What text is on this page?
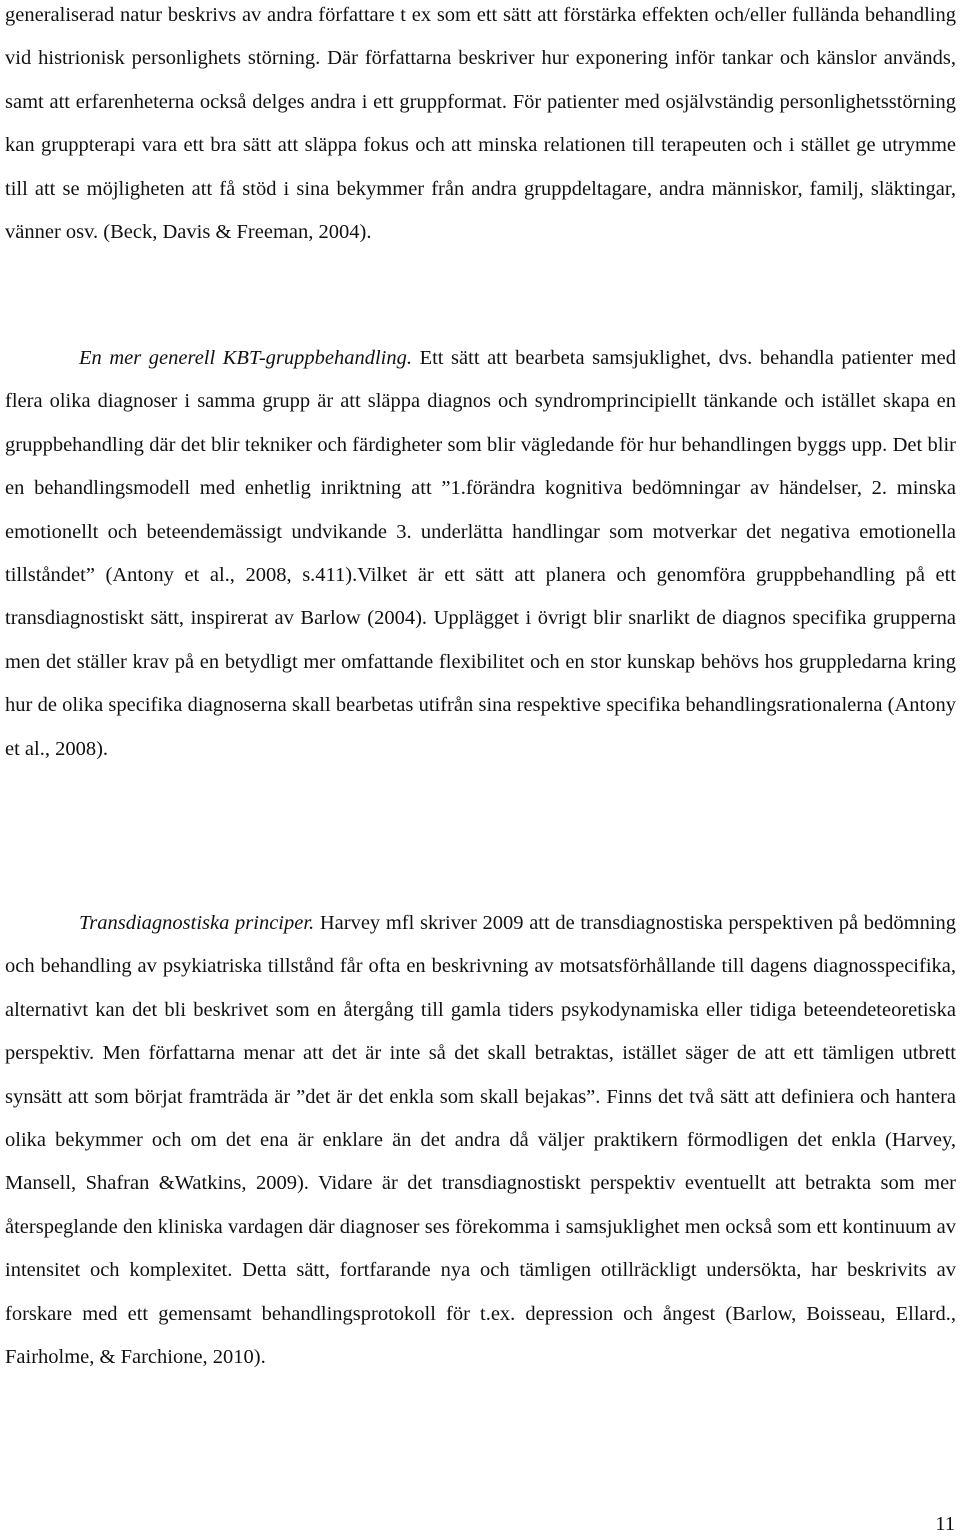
generaliserad natur beskrivs av andra författare t ex som ett sätt att förstärka effekten och/eller fulländа behandling vid histrionisk personlighets störning. Där författarna beskriver hur exponering inför tankar och känslor används, samt att erfarenheterna också delges andra i ett gruppformat. För patienter med osjälvständig personlighetsstörning kan gruppterapi vara ett bra sätt att släppa fokus och att minska relationen till terapeuten och i stället ge utrymme till att se möjligheten att få stöd i sina bekymmer från andra gruppdeltagare, andra människor, familj, släktingar, vänner osv. (Beck, Davis & Freeman, 2004).

En mer generell KBT-gruppbehandling. Ett sätt att bearbeta samsjuklighet, dvs. behandla patienter med flera olika diagnoser i samma grupp är att släppa diagnos och syndromprincipiellt tänkande och istället skapa en gruppbehandling där det blir tekniker och färdigheter som blir vägledande för hur behandlingen byggs upp. Det blir en behandlingsmodell med enhetlig inriktning att ”1.förändra kognitiva bedömningar av händelser, 2. minska emotionellt och beteendemässigt undvikande 3. underlätta handlingar som motverkar det negativa emotionella tillståndet” (Antony et al., 2008, s.411).Vilket är ett sätt att planera och genomföra gruppbehandling på ett transdiagnostiskt sätt, inspirerat av Barlow (2004). Upplägget i övrigt blir snarlikt de diagnos specifika grupperna men det ställer krav på en betydligt mer omfattande flexibilitet och en stor kunskap behövs hos gruppledarna kring hur de olika specifika diagnoserna skall bearbetas utifrån sina respektive specifika behandlingsrationalerna (Antony et al., 2008).

Transdiagnostiska principer. Harvey mfl skriver 2009 att de transdiagnostiska perspektiven på bedömning och behandling av psykiatriska tillstånd får ofta en beskrivning av motsatsförhållande till dagens diagnosspecifika, alternativt kan det bli beskrivet som en återgång till gamla tiders psykodynamiska eller tidiga beteendeteoretiska perspektiv. Men författarna menar att det är inte så det skall betraktas, istället säger de att ett tämligen utbrett synsätt att som börjat framträda är ”det är det enkla som skall bejakas”. Finns det två sätt att definiera och hantera olika bekymmer och om det ena är enklare än det andra då väljer praktikern förmodligen det enkla (Harvey, Mansell, Shafran &Watkins, 2009). Vidare är det transdiagnostiskt perspektiv eventuellt att betrakta som mer återspeglande den kliniska vardagen där diagnoser ses förekomma i samsjuklighet men också som ett kontinuum av intensitet och komplexitet. Detta sätt, fortfarande nya och tämligen otillräckligt undersökta, har beskrivits av forskare med ett gemensamt behandlingsprotokoll för t.ex. depression och ångest (Barlow, Boisseau, Ellard., Fairholme, & Farchione, 2010).

11
